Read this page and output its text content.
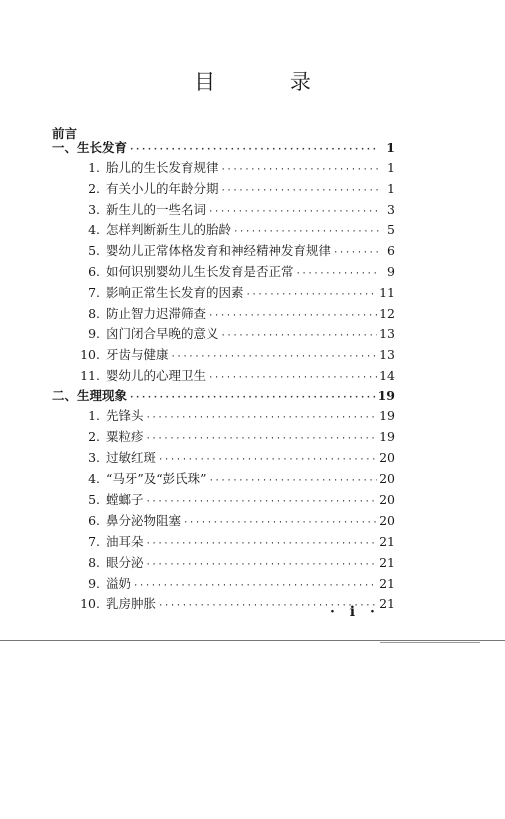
目 录
前言
一、生长发育 ·····	1
1. 胎儿的生长发育规律 ·····	1
2. 有关小儿的年龄分期 ·····	1
3. 新生儿的一些名词 ·····	3
4. 怎样判断新生儿的胎龄 ·····	5
5. 婴幼儿正常体格发育和神经精神发育规律 ·····	6
6. 如何识别婴幼儿生长发育是否正常 ·····	9
7. 影响正常生长发育的因素 ·····	11
8. 防止智力迟滞筛查 ·····	12
9. 囟门闭合早晚的意义 ·····	13
10. 牙齿与健康 ·····	13
11. 婴幼儿的心理卫生 ·····	14
二、生理现象 ·····	19
1. 先锋头 ·····	19
2. 粟粒疹 ·····	19
3. 过敏红斑 ·····	20
4. “马牙”及“彭氏珠” ·····	20
5. 螳螂子 ·····	20
6. 鼻分泌物阻塞 ·····	20
7. 油耳朵 ·····	21
8. 眼分泌 ·····	21
9. 溢奶 ·····	21
10. 乳房肿胀 ·····	21
· i ·
